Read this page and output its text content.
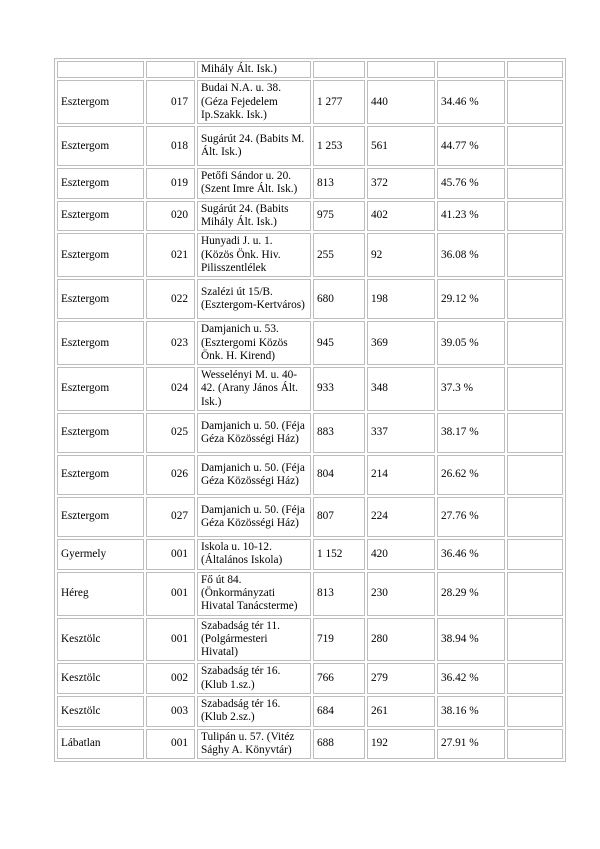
		Mihály Ált. Isk.)				
Esztergom	017	Budai N.A. u. 38. (Géza Fejedelem Ip.Szakk. Isk.)	1 277	440	34.46 %	
Esztergom	018	Sugárút 24. (Babits M. Ált. Isk.)	1 253	561	44.77 %	
Esztergom	019	Petőfi Sándor u. 20. (Szent Imre Ált. Isk.)	813	372	45.76 %	
Esztergom	020	Sugárút 24. (Babits Mihály Ált. Isk.)	975	402	41.23 %	
Esztergom	021	Hunyadi J. u. 1. (Közös Önk. Hiv. Pilisszentlélek	255	92	36.08 %	
Esztergom	022	Szalézi út 15/B. (Esztergom-Kertváros)	680	198	29.12 %	
Esztergom	023	Damjanich u. 53. (Esztergomi Közös Önk. H. Kirend)	945	369	39.05 %	
Esztergom	024	Wesselényi M. u. 40-42. (Arany János Ált. Isk.)	933	348	37.3 %	
Esztergom	025	Damjanich u. 50. (Féja Géza Közösségi Ház)	883	337	38.17 %	
Esztergom	026	Damjanich u. 50. (Féja Géza Közösségi Ház)	804	214	26.62 %	
Esztergom	027	Damjanich u. 50. (Féja Géza Közösségi Ház)	807	224	27.76 %	
Gyermely	001	Iskola u. 10-12. (Általános Iskola)	1 152	420	36.46 %	
Héreg	001	Fő út 84. (Önkormányzati Hivatal Tanácsterme)	813	230	28.29 %	
Kesztölc	001	Szabadság tér 11. (Polgármesteri Hivatal)	719	280	38.94 %	
Kesztölc	002	Szabadság tér 16. (Klub 1.sz.)	766	279	36.42 %	
Kesztölc	003	Szabadság tér 16. (Klub 2.sz.)	684	261	38.16 %	
Lábatlan	001	Tulipán u. 57. (Vitéz Sághy A. Könyvtár)	688	192	27.91 %	
